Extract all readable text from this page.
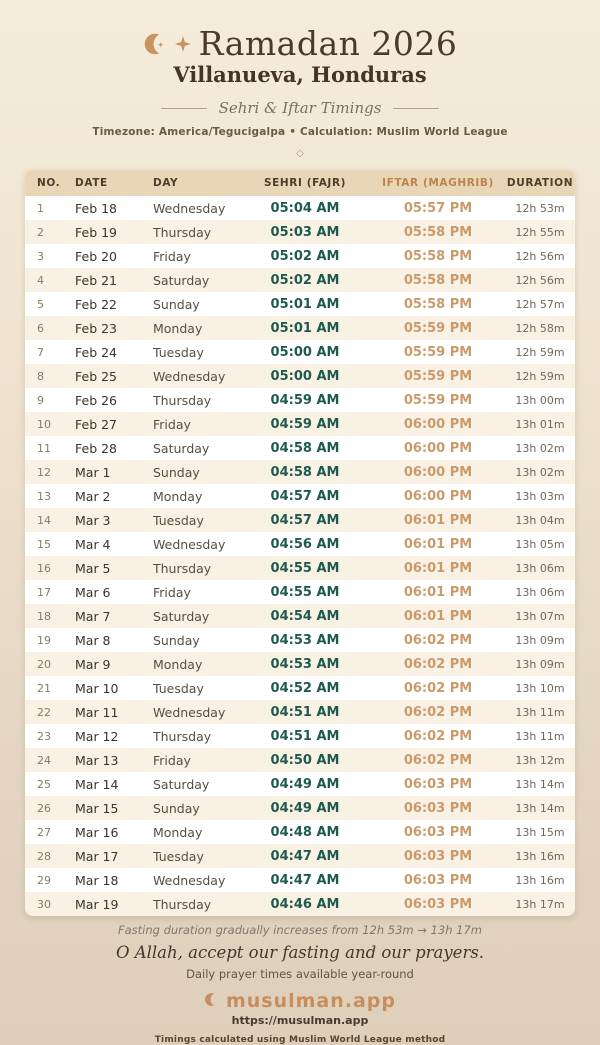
Ramadan 2026
Villanueva, Honduras
Sehri & Iftar Timings
Timezone: America/Tegucigalpa • Calculation: Muslim World League
◇
NO.	DATE	DAY	SEHRI (FAJR)	IFTAR (MAGHRIB)	DURATION
1	Feb 18	Wednesday	05:04 AM	05:57 PM	12h 53m
2	Feb 19	Thursday	05:03 AM	05:58 PM	12h 55m
3	Feb 20	Friday	05:02 AM	05:58 PM	12h 56m
4	Feb 21	Saturday	05:02 AM	05:58 PM	12h 56m
5	Feb 22	Sunday	05:01 AM	05:58 PM	12h 57m
6	Feb 23	Monday	05:01 AM	05:59 PM	12h 58m
7	Feb 24	Tuesday	05:00 AM	05:59 PM	12h 59m
8	Feb 25	Wednesday	05:00 AM	05:59 PM	12h 59m
9	Feb 26	Thursday	04:59 AM	05:59 PM	13h 00m
10	Feb 27	Friday	04:59 AM	06:00 PM	13h 01m
11	Feb 28	Saturday	04:58 AM	06:00 PM	13h 02m
12	Mar 1	Sunday	04:58 AM	06:00 PM	13h 02m
13	Mar 2	Monday	04:57 AM	06:00 PM	13h 03m
14	Mar 3	Tuesday	04:57 AM	06:01 PM	13h 04m
15	Mar 4	Wednesday	04:56 AM	06:01 PM	13h 05m
16	Mar 5	Thursday	04:55 AM	06:01 PM	13h 06m
17	Mar 6	Friday	04:55 AM	06:01 PM	13h 06m
18	Mar 7	Saturday	04:54 AM	06:01 PM	13h 07m
19	Mar 8	Sunday	04:53 AM	06:02 PM	13h 09m
20	Mar 9	Monday	04:53 AM	06:02 PM	13h 09m
21	Mar 10	Tuesday	04:52 AM	06:02 PM	13h 10m
22	Mar 11	Wednesday	04:51 AM	06:02 PM	13h 11m
23	Mar 12	Thursday	04:51 AM	06:02 PM	13h 11m
24	Mar 13	Friday	04:50 AM	06:02 PM	13h 12m
25	Mar 14	Saturday	04:49 AM	06:03 PM	13h 14m
26	Mar 15	Sunday	04:49 AM	06:03 PM	13h 14m
27	Mar 16	Monday	04:48 AM	06:03 PM	13h 15m
28	Mar 17	Tuesday	04:47 AM	06:03 PM	13h 16m
29	Mar 18	Wednesday	04:47 AM	06:03 PM	13h 16m
30	Mar 19	Thursday	04:46 AM	06:03 PM	13h 17m
Fasting duration gradually increases from 12h 53m → 13h 17m
O Allah, accept our fasting and our prayers.
Daily prayer times available year-round
musulman.app
https://musulman.app
Timings calculated using Muslim World League method
